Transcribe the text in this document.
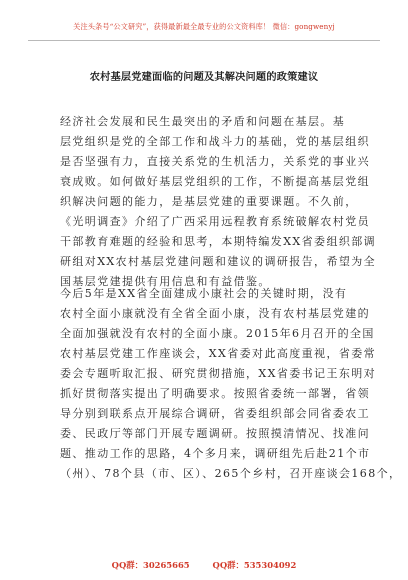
关注头条号“公文研究”，获得最新最全最专业的公文资料库！ 微信：gongwenyj
农村基层党建面临的问题及其解决问题的政策建议
经济社会发展和民生最突出的矛盾和问题在基层。基
层党组织是党的全部工作和战斗力的基础，党的基层组织
是否坚强有力，直接关系党的生机活力，关系党的事业兴
衰成败。如何做好基层党组织的工作，不断提高基层党组
织解决问题的能力，是基层党建的重要课题。不久前，
《光明调查》介绍了广西采用远程教育系统破解农村党员
干部教育难题的经验和思考，本期特编发XX省委组织部调
研组对XX农村基层党建问题和建议的调研报告，希望为全
国基层党建提供有用信息和有益借鉴。
今后5年是XX省全面建成小康社会的关键时期，没有
农村全面小康就没有全省全面小康，没有农村基层党建的
全面加强就没有农村的全面小康。2015年6月召开的全国
农村基层党建工作座谈会，XX省委对此高度重视，省委常
委会专题听取汇报、研究贯彻措施，XX省委书记王东明对
抓好贯彻落实提出了明确要求。按照省委统一部署，省领
导分别到联系点开展综合调研，省委组织部会同省委农工
委、民政厅等部门开展专题调研。按照摸清情况、找准问
题、推动工作的思路，4个多月来，调研组先后赴21个市
（州）、78个县（市、区）、265个乡村，召开座谈会168个，
QQ群：30265665	QQ群：535304092
